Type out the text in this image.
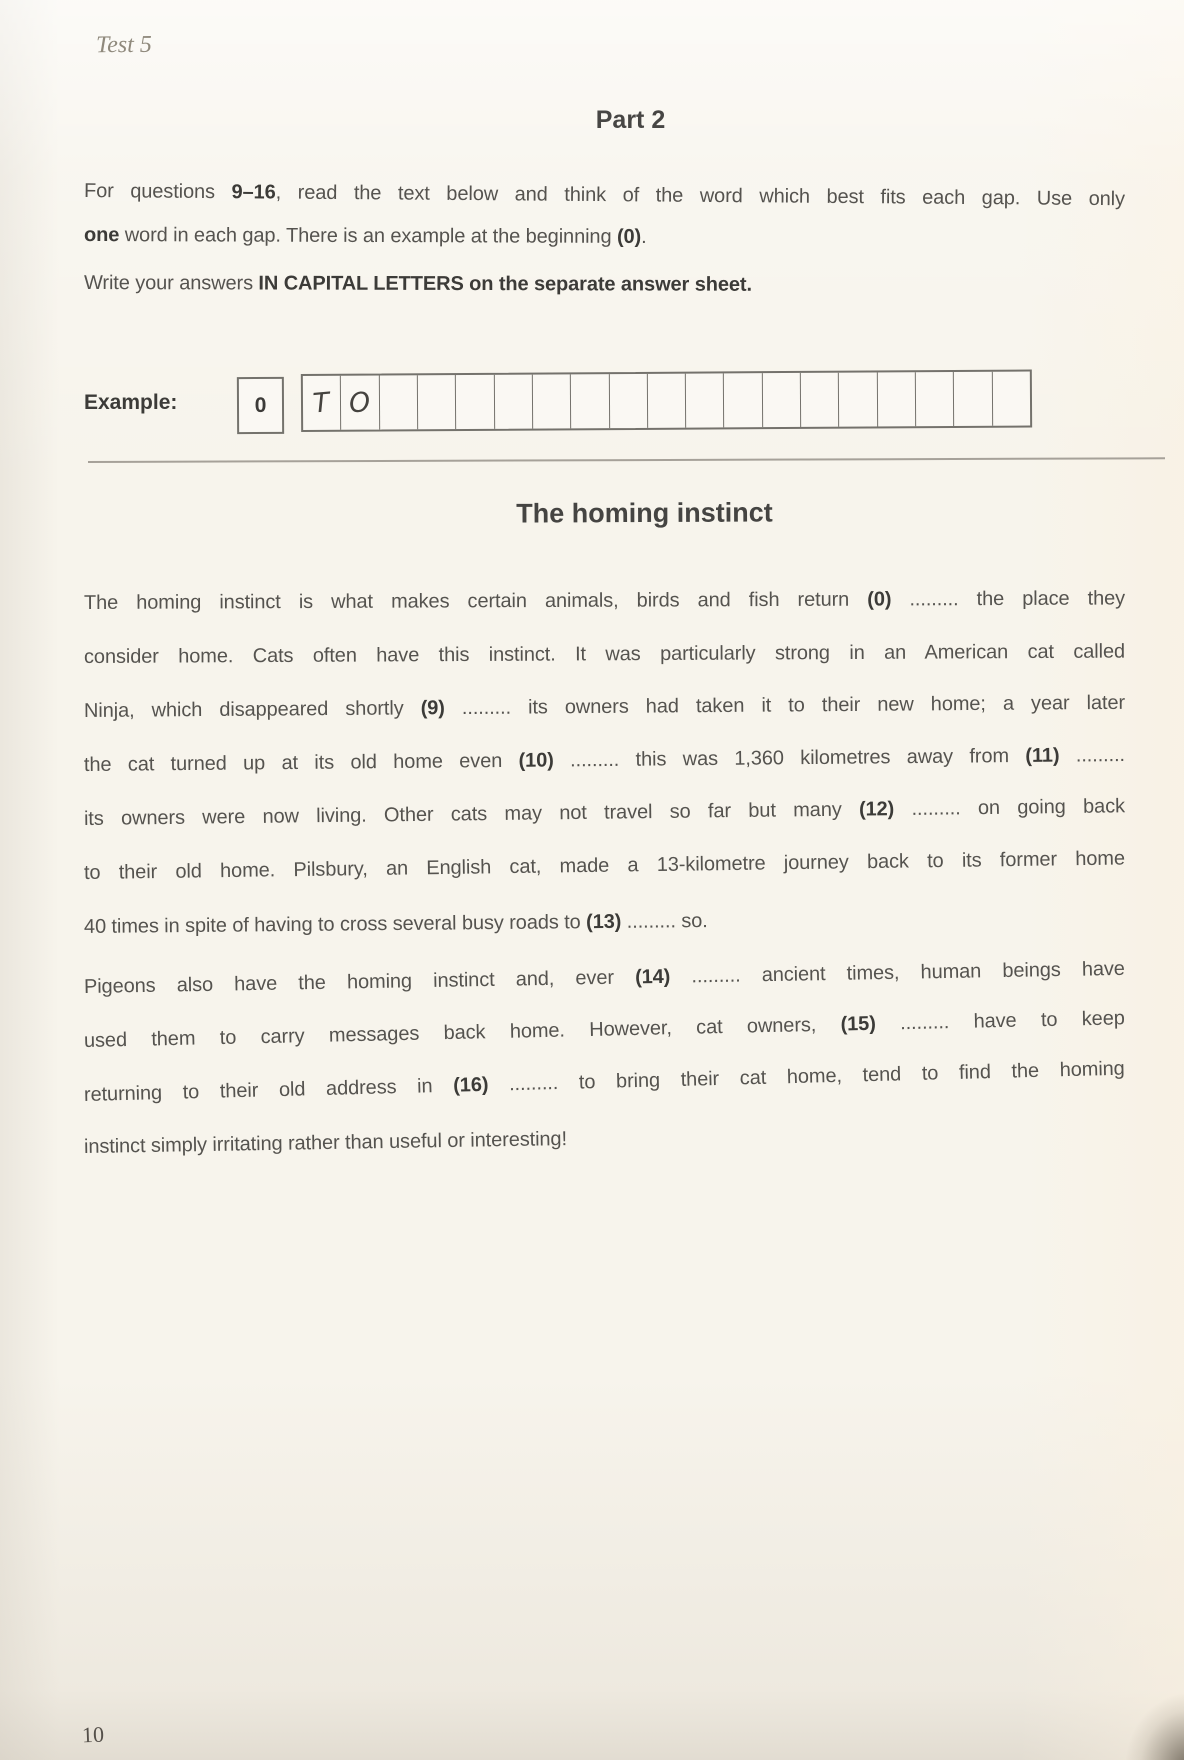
Test 5
Part 2
For questions 9–16, read the text below and think of the word which best fits each gap. Use only
one word in each gap. There is an example at the beginning (0).
Write your answers IN CAPITAL LETTERS on the separate answer sheet.
Example:	0 T O
The homing instinct
The homing instinct is what makes certain animals, birds and fish return (0) ......... the place they
consider home. Cats often have this instinct. It was particularly strong in an American cat called
Ninja, which disappeared shortly (9) ......... its owners had taken it to their new home; a year later
the cat turned up at its old home even (10) ......... this was 1,360 kilometres away from (11) .........
its owners were now living. Other cats may not travel so far but many (12) ......... on going back
to their old home. Pilsbury, an English cat, made a 13-kilometre journey back to its former home
40 times in spite of having to cross several busy roads to (13) ......... so.
Pigeons also have the homing instinct and, ever (14) ......... ancient times, human beings have
used them to carry messages back home. However, cat owners, (15) ......... have to keep
returning to their old address in (16) ......... to bring their cat home, tend to find the homing
instinct simply irritating rather than useful or interesting!
10
